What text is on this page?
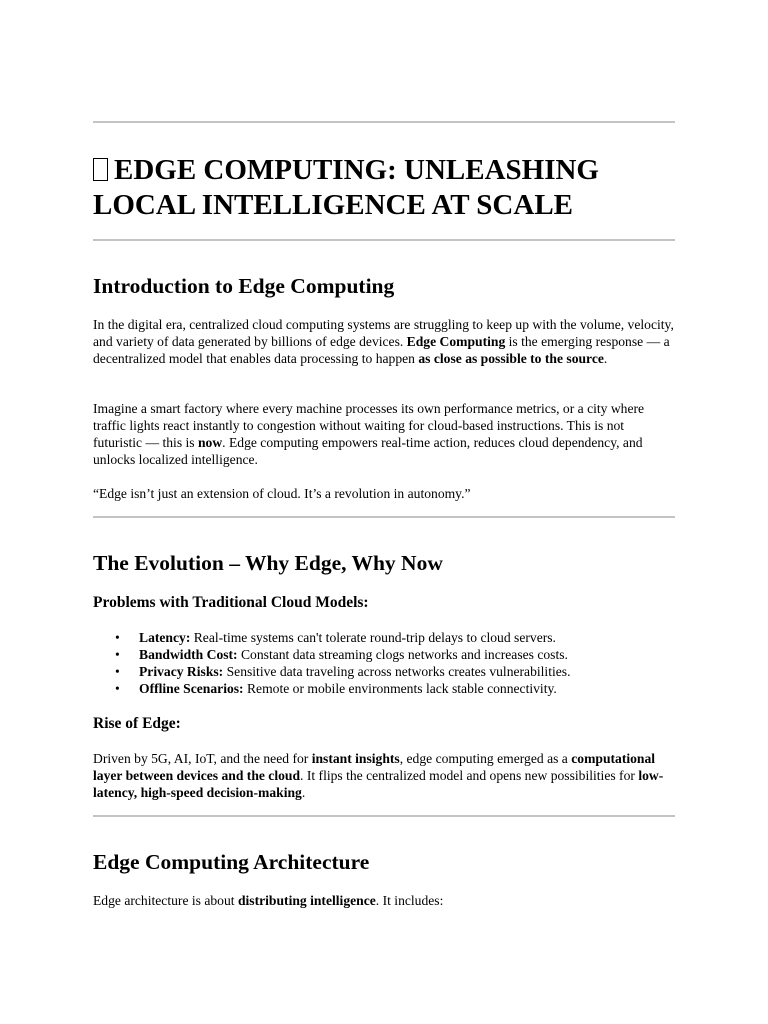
EDGE COMPUTING: UNLEASHING LOCAL INTELLIGENCE AT SCALE
Introduction to Edge Computing

In the digital era, centralized cloud computing systems are struggling to keep up with the volume, velocity, and variety of data generated by billions of edge devices. Edge Computing is the emerging response — a decentralized model that enables data processing to happen as close as possible to the source.

Imagine a smart factory where every machine processes its own performance metrics, or a city where traffic lights react instantly to congestion without waiting for cloud-based instructions. This is not futuristic — this is now. Edge computing empowers real-time action, reduces cloud dependency, and unlocks localized intelligence.

“Edge isn’t just an extension of cloud. It’s a revolution in autonomy.”

The Evolution – Why Edge, Why Now
Problems with Traditional Cloud Models:
• Latency: Real-time systems can't tolerate round-trip delays to cloud servers.
• Bandwidth Cost: Constant data streaming clogs networks and increases costs.
• Privacy Risks: Sensitive data traveling across networks creates vulnerabilities.
• Offline Scenarios: Remote or mobile environments lack stable connectivity.
Rise of Edge:

Driven by 5G, AI, IoT, and the need for instant insights, edge computing emerged as a computational layer between devices and the cloud. It flips the centralized model and opens new possibilities for low-latency, high-speed decision-making.

Edge Computing Architecture

Edge architecture is about distributing intelligence. It includes:
